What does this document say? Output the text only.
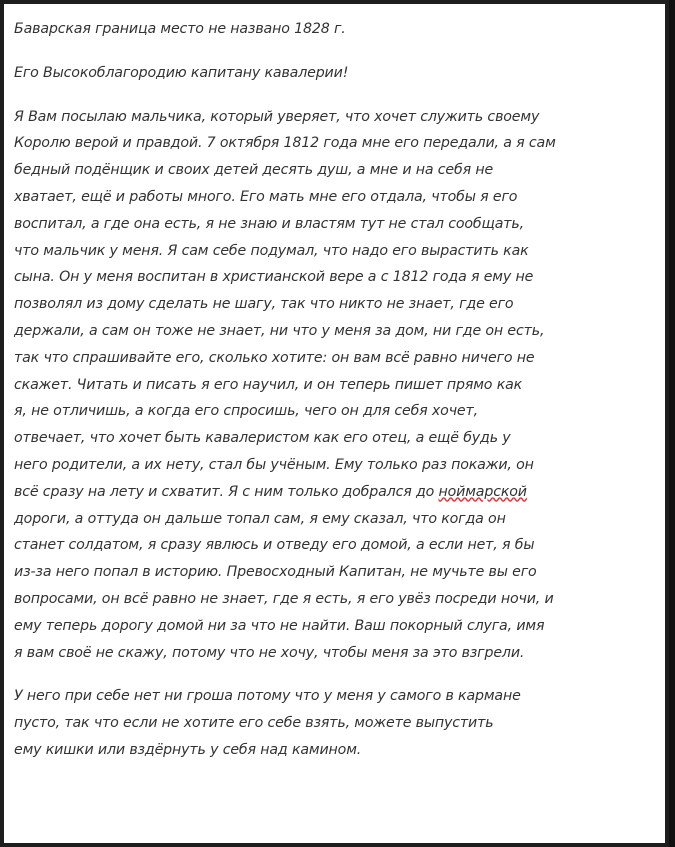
Баварская граница место не названо 1828 г.
Его Высокоблагородию капитану кавалерии!
Я Вам посылаю мальчика, который уверяет, что хочет служить своему
Королю верой и правдой. 7 октября 1812 года мне его передали, а я сам
бедный подёнщик и своих детей десять душ, а мне и на себя не
хватает, ещё и работы много. Его мать мне его отдала, чтобы я его
воспитал, а где она есть, я не знаю и властям тут не стал сообщать,
что мальчик у меня. Я сам себе подумал, что надо его вырастить как
сына. Он у меня воспитан в христианской вере а с 1812 года я ему не
позволял из дому сделать не шагу, так что никто не знает, где его
держали, а сам он тоже не знает, ни что у меня за дом, ни где он есть,
так что спрашивайте его, сколько хотите: он вам всё равно ничего не
скажет. Читать и писать я его научил, и он теперь пишет прямо как
я, не отличишь, а когда его спросишь, чего он для себя хочет,
отвечает, что хочет быть кавалеристом как его отец, а ещё будь у
него родители, а их нету, стал бы учёным. Ему только раз покажи, он
всё сразу на лету и схватит. Я с ним только добрался до ноймарской
дороги, а оттуда он дальше топал сам, я ему сказал, что когда он
станет солдатом, я сразу явлюсь и отведу его домой, а если нет, я бы
из-за него попал в историю. Превосходный Капитан, не мучьте вы его
вопросами, он всё равно не знает, где я есть, я его увёз посреди ночи, и
ему теперь дорогу домой ни за что не найти. Ваш покорный слуга, имя
я вам своё не скажу, потому что не хочу, чтобы меня за это взгрели.
У него при себе нет ни гроша потому что у меня у самого в кармане
пусто, так что если не хотите его себе взять, можете выпустить
ему кишки или вздёрнуть у себя над камином.
